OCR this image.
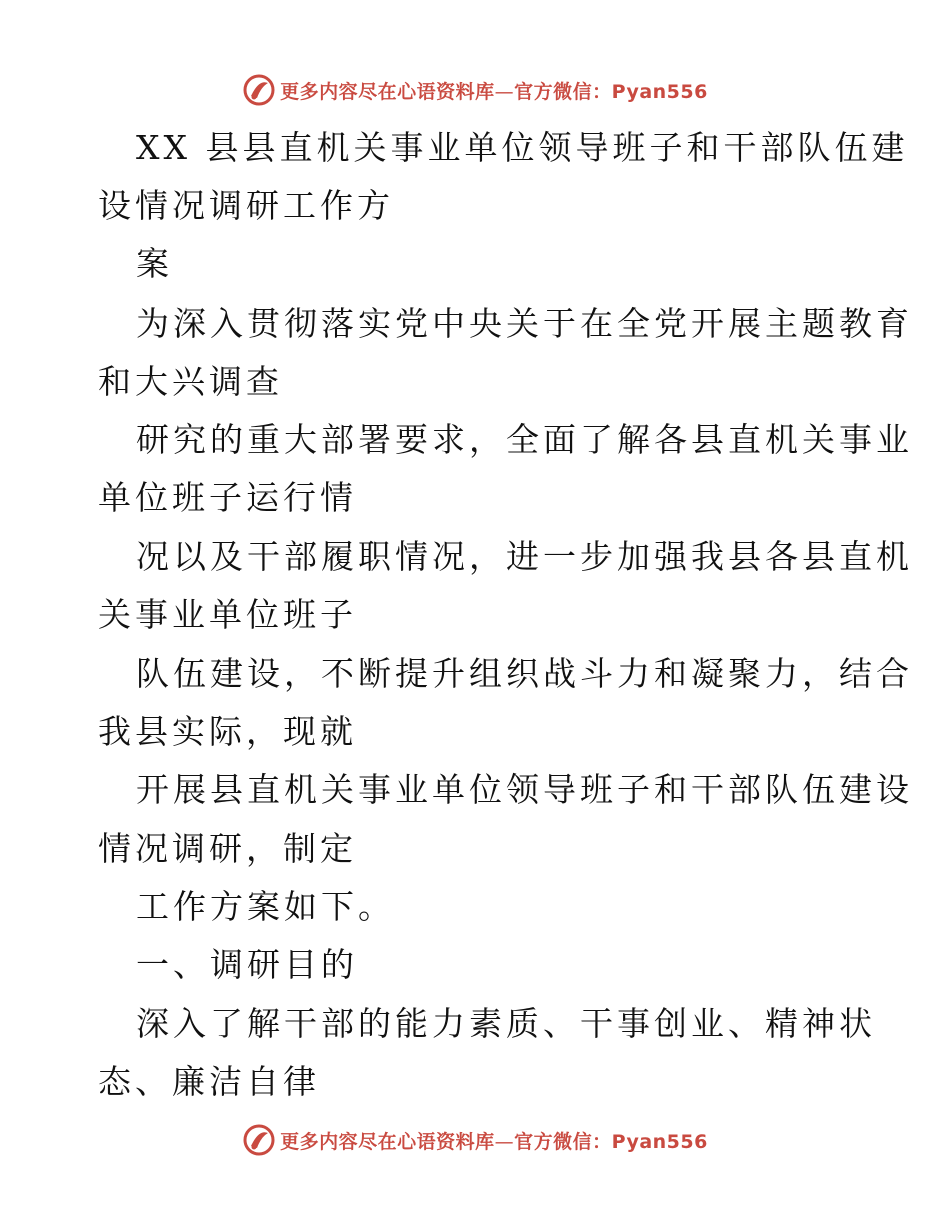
更多内容尽在心语资料库—官方微信：Pyan556
XX 县县直机关事业单位领导班子和干部队伍建
设情况调研工作方
案
为深入贯彻落实党中央关于在全党开展主题教育
和大兴调查
研究的重大部署要求，全面了解各县直机关事业
单位班子运行情
况以及干部履职情况，进一步加强我县各县直机
关事业单位班子
队伍建设，不断提升组织战斗力和凝聚力，结合
我县实际，现就
开展县直机关事业单位领导班子和干部队伍建设
情况调研，制定
工作方案如下。
一、调研目的
深入了解干部的能力素质、干事创业、精神状
态、廉洁自律
更多内容尽在心语资料库—官方微信：Pyan556
